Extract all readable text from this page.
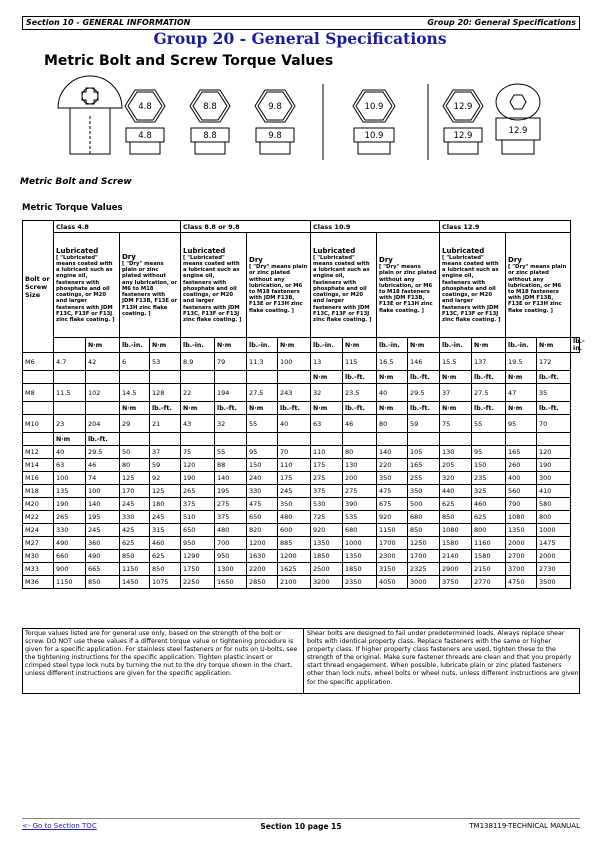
Section 10 - GENERAL INFORMATION	Group 20: General Specifications
Group 20 - General Specifications
Metric Bolt and Screw Torque Values
4.8
4.8
8.8
8.8
9.8
9.8
10.9
10.9
12.9
12.9	12.9
Metric Bolt and Screw
Metric Torque Values
Bolt or Screw Size	Class 4.8				Class 8.8 or 9.8				Class 10.9				Class 12.9				

	Lubricated
[ "Lubricated" means coated with a lubricant such as engine oil, fasteners with phosphate and oil coatings, or M20 and larger fasteners with JDM F13C, F13F or F13J zinc flake coating. ]		Dry
[ "Dry" means plain or zinc plated without any lubrication, or M6 to M18 fasteners with JDM F13B, F13E or F13H zinc flake coating. ]		Lubricated
[ "Lubricated" means coated with a lubricant such as engine oil, fasteners with phosphate and oil coatings, or M20 and larger fasteners with JDM F13C, F13F or F13J zinc flake coating. ]		Dry
[ "Dry" means plain or zinc plated without any lubrication, or M6 to M18 fasteners with JDM F13B, F13E or F13H zinc flake coating. ]		Lubricated
[ "Lubricated" means coated with a lubricant such as engine oil, fasteners with phosphate and oil coatings, or M20 and larger fasteners with JDM F13C, F13F or F13J zinc flake coating. ]		Dry
[ "Dry" means plain or zinc plated without any lubrication, or M6 to M18 fasteners with JDM F13B, F13E or F13H zinc flake coating. ]		Lubricated
[ "Lubricated" means coated with a lubricant such as engine oil, fasteners with phosphate and oil coatings, or M20 and larger fasteners with JDM F13C, F13F or F13J zinc flake coating. ]		Dry
[ "Dry" means plain or zinc plated without any lubrication, or M6 to M18 fasteners with JDM F13B, F13E or F13H zinc flake coating. ]		
		N·m	lb.-in.	N·m	lb.-in.	N·m	lb.-in.	N·m	lb.-in.	N·m	lb.-in.	N·m	lb.-in.	N·m	lb.-in.	N·m	lb.-in.
M6	4.7	42	6	53	8.9	79	11.3	100	13	115	16.5	146	15.5	137	19.5	172	
									N·m	lb.-ft.	N·m	lb.-ft.	N·m	lb.-ft.	N·m	lb.-ft.	
M8	11.5	102	14.5	128	22	194	27.5	243	32	23.5	40	29.5	37	27.5	47	35	
			N·m	lb.-ft.	N·m	lb.-ft.	N·m	lb.-ft.	N·m	lb.-ft.	N·m	lb.-ft.	N·m	lb.-ft.	N·m	lb.-ft.	
M10	23	204	29	21	43	32	55	40	63	46	80	59	75	55	95	70	
	N·m	lb.-ft.															
M12	40	29.5	50	37	75	55	95	70	110	80	140	105	130	95	165	120	
M14	63	46	80	59	120	88	150	110	175	130	220	165	205	150	260	190	
M16	100	74	125	92	190	140	240	175	275	200	350	255	320	235	400	300	
M18	135	100	170	125	265	195	330	245	375	275	475	350	440	325	560	410	
M20	190	140	245	180	375	275	475	350	530	390	675	500	625	460	790	580	
M22	265	195	330	245	510	375	650	480	725	535	920	680	850	625	1080	800	
M24	330	245	425	315	650	480	820	600	920	680	1150	850	1080	800	1350	1000	
M27	490	360	625	460	950	700	1200	885	1350	1000	1700	1250	1580	1160	2000	1475	
M30	660	490	850	625	1290	950	1630	1200	1850	1350	2300	1700	2140	1580	2700	2000	
M33	900	665	1150	850	1750	1300	2200	1625	2500	1850	3150	2325	2900	2150	3700	2730	
M36	1150	850	1450	1075	2250	1650	2850	2100	3200	2350	4050	3000	3750	2770	4750	3500	
Torque values listed are for general use only, based on the strength of the bolt or screw. DO NOT use these values if a different torque value or tightening procedure is given for a specific application. For stainless steel fasteners or for nuts on U-bolts, see the tightening instructions for the specific application. Tighten plastic insert or crimped steel type lock nuts by turning the nut to the dry torque shown in the chart, unless different instructions are given for the specific application.
Shear bolts are designed to fail under predetermined loads. Always replace shear bolts with identical property class. Replace fasteners with the same or higher property class. If higher property class fasteners are used, tighten these to the strength of the original. Make sure fastener threads are clean and that you properly start thread engagement. When possible, lubricate plain or zinc plated fasteners other than lock nuts, wheel bolts or wheel nuts, unless different instructions are given for the specific application.
<- Go to Section TOC	Section 10 page 15	TM138119-TECHNICAL MANUAL
